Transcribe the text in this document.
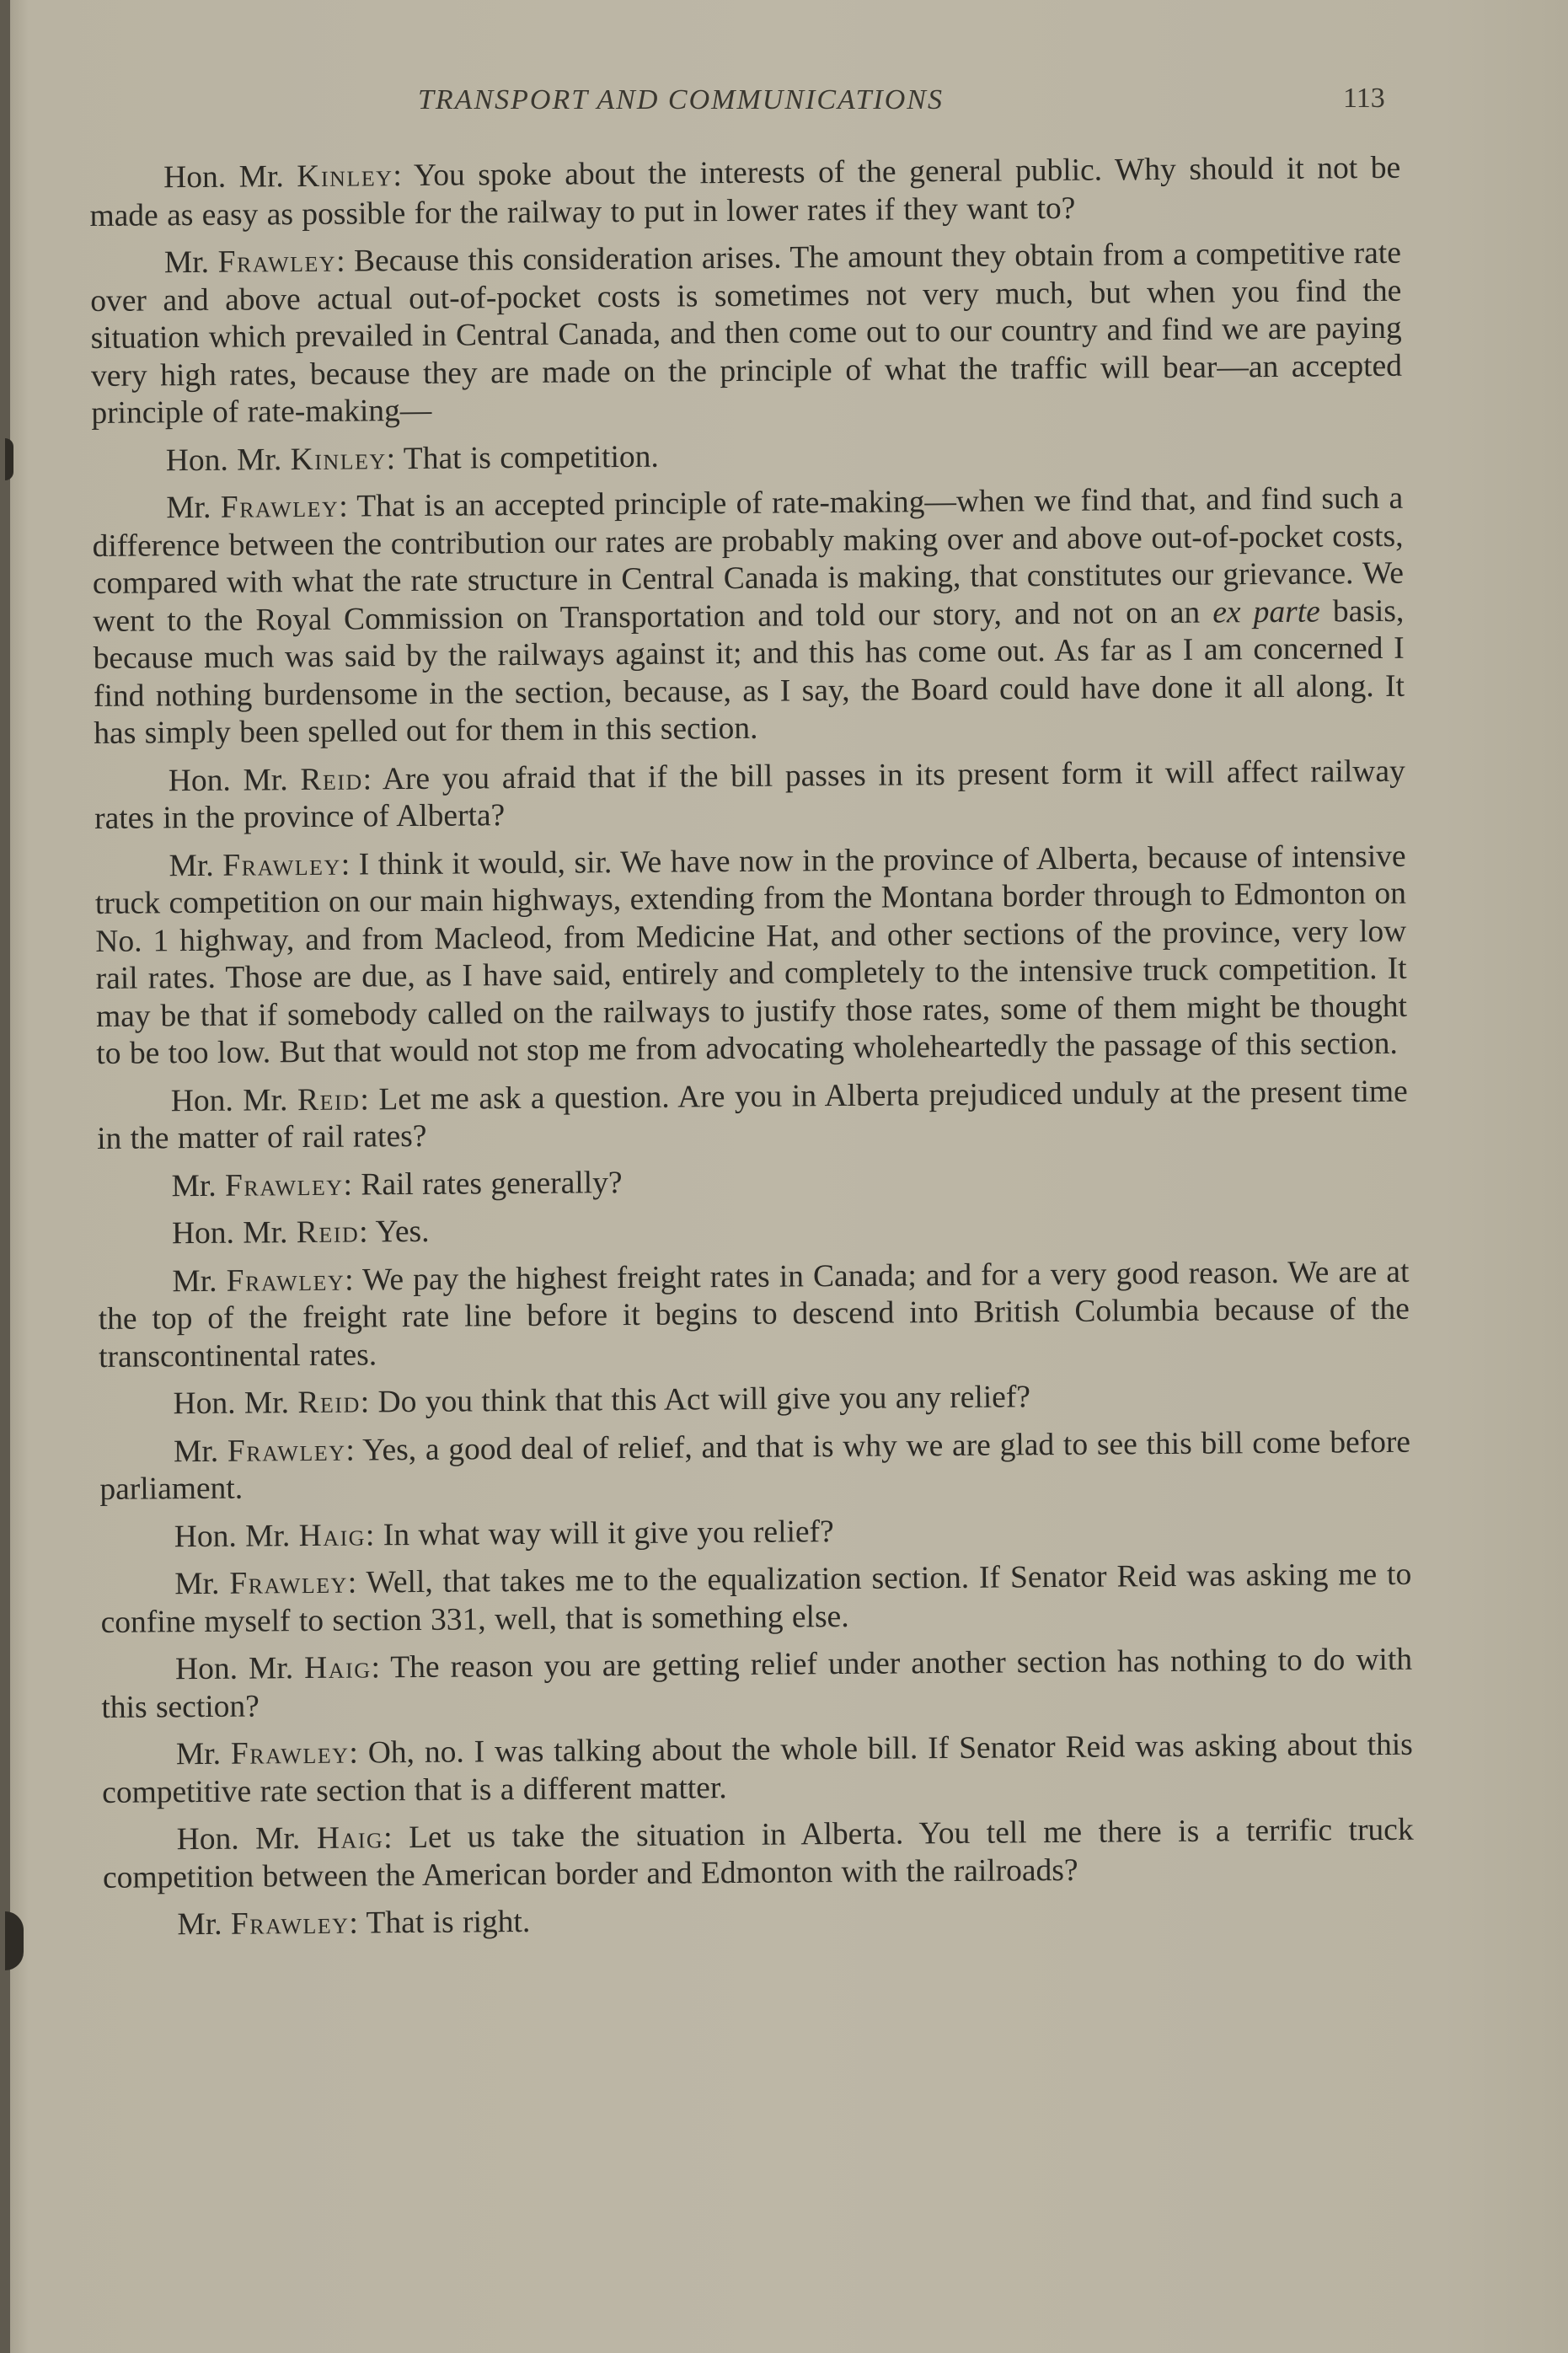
TRANSPORT AND COMMUNICATIONS	113

Hon. Mr. Kinley: You spoke about the interests of the general public. Why should it not be made as easy as possible for the railway to put in lower rates if they want to?

Mr. Frawley: Because this consideration arises. The amount they obtain from a competitive rate over and above actual out-of-pocket costs is sometimes not very much, but when you find the situation which prevailed in Central Canada, and then come out to our country and find we are paying very high rates, because they are made on the principle of what the traffic will bear—an accepted principle of rate-making—

Hon. Mr. Kinley: That is competition.

Mr. Frawley: That is an accepted principle of rate-making—when we find that, and find such a difference between the contribution our rates are probably making over and above out-of-pocket costs, compared with what the rate structure in Central Canada is making, that constitutes our grievance. We went to the Royal Commission on Transportation and told our story, and not on an ex parte basis, because much was said by the railways against it; and this has come out. As far as I am concerned I find nothing burdensome in the section, because, as I say, the Board could have done it all along. It has simply been spelled out for them in this section.

Hon. Mr. Reid: Are you afraid that if the bill passes in its present form it will affect railway rates in the province of Alberta?

Mr. Frawley: I think it would, sir. We have now in the province of Alberta, because of intensive truck competition on our main highways, extending from the Montana border through to Edmonton on No. 1 highway, and from Macleod, from Medicine Hat, and other sections of the province, very low rail rates. Those are due, as I have said, entirely and completely to the intensive truck competition. It may be that if somebody called on the railways to justify those rates, some of them might be thought to be too low. But that would not stop me from advocating wholeheartedly the passage of this section.

Hon. Mr. Reid: Let me ask a question. Are you in Alberta prejudiced unduly at the present time in the matter of rail rates?

Mr. Frawley: Rail rates generally?

Hon. Mr. Reid: Yes.

Mr. Frawley: We pay the highest freight rates in Canada; and for a very good reason. We are at the top of the freight rate line before it begins to descend into British Columbia because of the transcontinental rates.

Hon. Mr. Reid: Do you think that this Act will give you any relief?

Mr. Frawley: Yes, a good deal of relief, and that is why we are glad to see this bill come before parliament.

Hon. Mr. Haig: In what way will it give you relief?

Mr. Frawley: Well, that takes me to the equalization section. If Senator Reid was asking me to confine myself to section 331, well, that is something else.

Hon. Mr. Haig: The reason you are getting relief under another section has nothing to do with this section?

Mr. Frawley: Oh, no. I was talking about the whole bill. If Senator Reid was asking about this competitive rate section that is a different matter.

Hon. Mr. Haig: Let us take the situation in Alberta. You tell me there is a terrific truck competition between the American border and Edmonton with the railroads?

Mr. Frawley: That is right.
